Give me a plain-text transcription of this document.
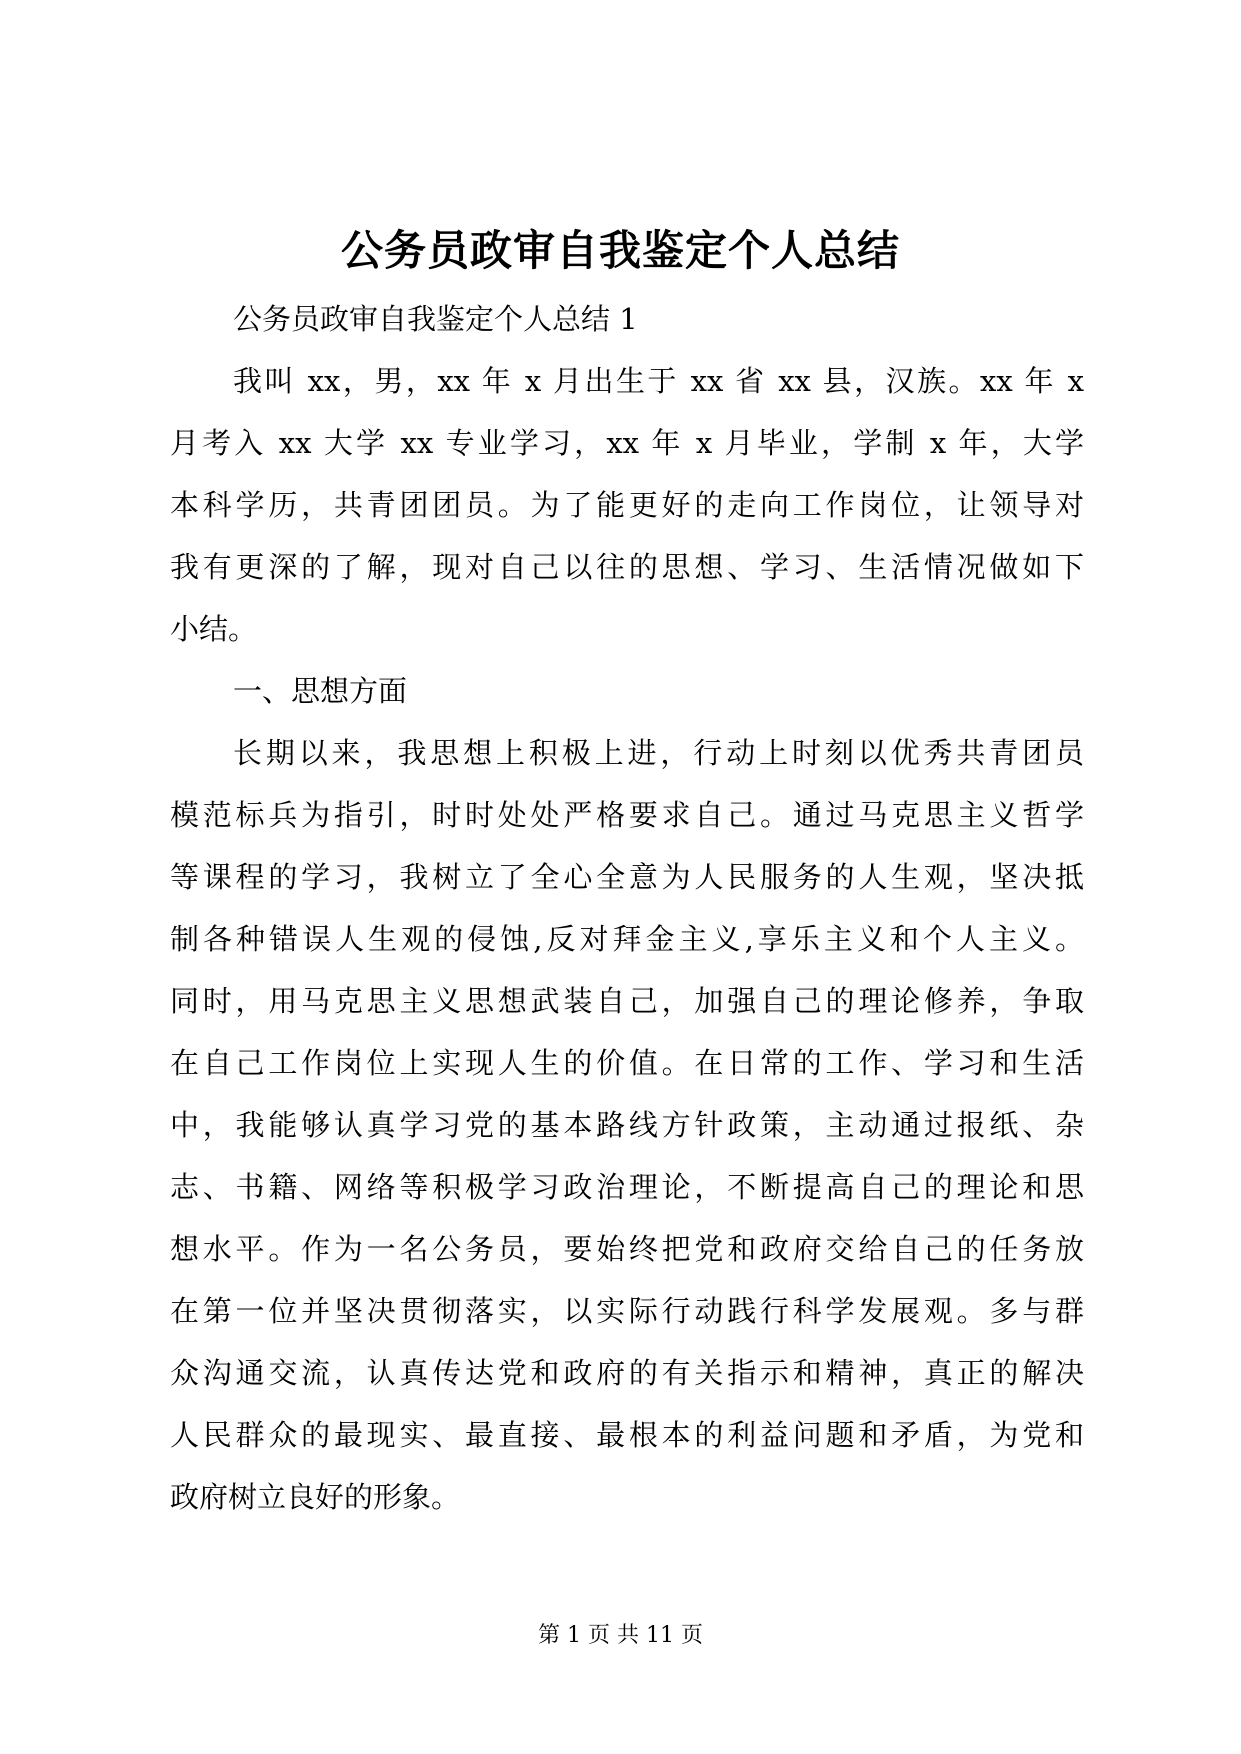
公务员政审自我鉴定个人总结
公务员政审自我鉴定个人总结 1
我叫 xx，男，xx 年 x 月出生于 xx 省 xx 县，汉族。xx 年 x
月考入 xx 大学 xx 专业学习，xx 年 x 月毕业，学制 x 年，大学
本科学历，共青团团员。为了能更好的走向工作岗位，让领导对
我有更深的了解，现对自己以往的思想、学习、生活情况做如下
小结。
一、思想方面
长期以来，我思想上积极上进，行动上时刻以优秀共青团员
模范标兵为指引，时时处处严格要求自己。通过马克思主义哲学
等课程的学习，我树立了全心全意为人民服务的人生观，坚决抵
制各种错误人生观的侵蚀,反对拜金主义,享乐主义和个人主义。
同时，用马克思主义思想武装自己，加强自己的理论修养，争取
在自己工作岗位上实现人生的价值。在日常的工作、学习和生活
中，我能够认真学习党的基本路线方针政策，主动通过报纸、杂
志、书籍、网络等积极学习政治理论，不断提高自己的理论和思
想水平。作为一名公务员，要始终把党和政府交给自己的任务放
在第一位并坚决贯彻落实，以实际行动践行科学发展观。多与群
众沟通交流，认真传达党和政府的有关指示和精神，真正的解决
人民群众的最现实、最直接、最根本的利益问题和矛盾，为党和
政府树立良好的形象。
第 1 页 共 11 页
